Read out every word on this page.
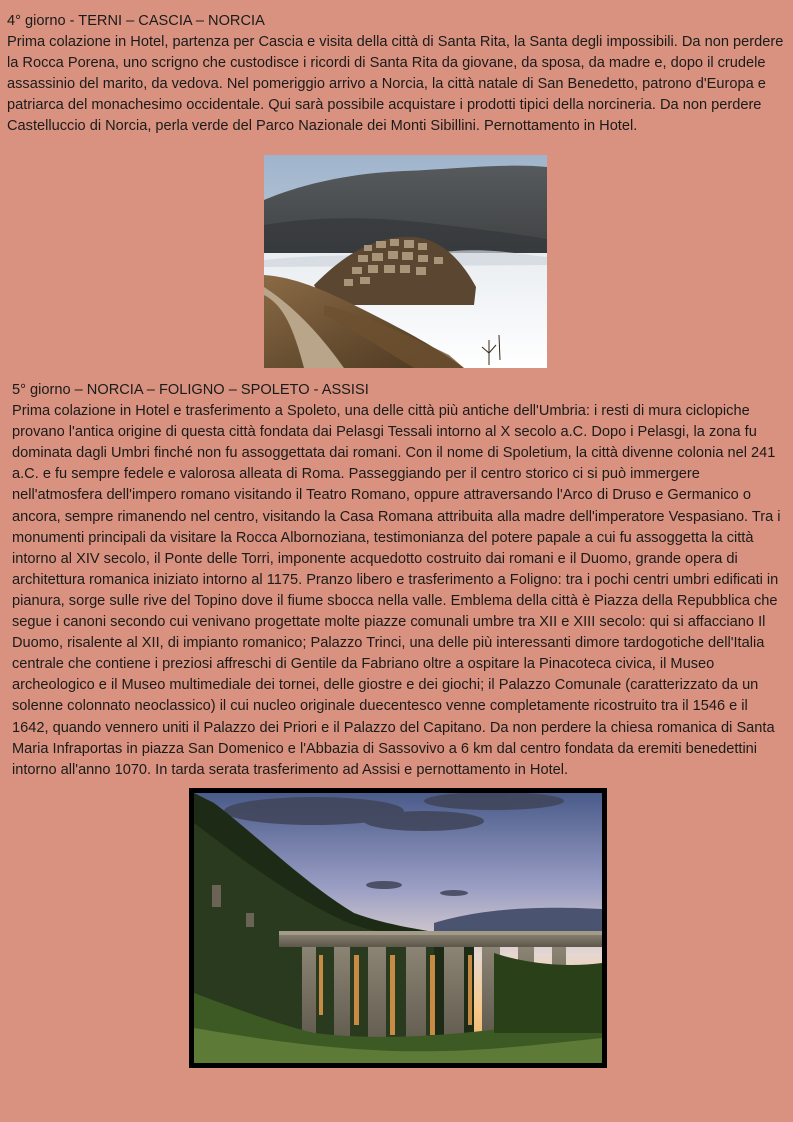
4° giorno - TERNI – CASCIA – NORCIA

Prima colazione in Hotel, partenza per Cascia e visita della città di Santa Rita, la Santa degli impossibili. Da non perdere la Rocca Porena, uno scrigno che custodisce i ricordi di Santa Rita da giovane, da sposa, da madre e, dopo il crudele assassinio del marito, da vedova. Nel pomeriggio arrivo a Norcia, la città natale di San Benedetto, patrono d'Europa e patriarca del monachesimo occidentale. Qui sarà possibile acquistare i prodotti tipici della norcineria. Da non perdere Castelluccio di Norcia, perla verde del Parco Nazionale dei Monti Sibillini. Pernottamento in Hotel.

5° giorno – NORCIA – FOLIGNO – SPOLETO - ASSISI

Prima colazione in Hotel e trasferimento a Spoleto, una delle città più antiche dell'Umbria: i resti di mura ciclopiche provano l'antica origine di questa città fondata dai Pelasgi Tessali intorno al X secolo a.C. Dopo i Pelasgi, la zona fu dominata dagli Umbri finché non fu assoggettata dai romani. Con il nome di Spoletium, la città divenne colonia nel 241 a.C. e fu sempre fedele e valorosa alleata di Roma. Passeggiando per il centro storico ci si può immergere nell'atmosfera dell'impero romano visitando il Teatro Romano, oppure attraversando l'Arco di Druso e Germanico o ancora, sempre rimanendo nel centro, visitando la Casa Romana attribuita alla madre dell'imperatore Vespasiano. Tra i monumenti principali da visitare la Rocca Albornoziana, testimonianza del potere papale a cui fu assoggetta la città intorno al XIV secolo, il Ponte delle Torri, imponente acquedotto costruito dai romani e il Duomo, grande opera di architettura romanica iniziato intorno al 1175. Pranzo libero e trasferimento a Foligno: tra i pochi centri umbri edificati in pianura, sorge sulle rive del Topino dove il fiume sbocca nella valle. Emblema della città è Piazza della Repubblica che segue i canoni secondo cui venivano progettate molte piazze comunali umbre tra XII e XIII secolo: qui si affacciano Il Duomo, risalente al XII, di impianto romanico; Palazzo Trinci, una delle più interessanti dimore tardogotiche dell'Italia centrale che contiene i preziosi affreschi di Gentile da Fabriano oltre a ospitare la Pinacoteca civica, il Museo archeologico e il Museo multimediale dei tornei, delle giostre e dei giochi; il Palazzo Comunale (caratterizzato da un solenne colonnato neoclassico) il cui nucleo originale duecentesco venne completamente ricostruito tra il 1546 e il 1642, quando vennero uniti il Palazzo dei Priori e il Palazzo del Capitano. Da non perdere la chiesa romanica di Santa Maria Infraportas in piazza San Domenico e l'Abbazia di Sassovivo a 6 km dal centro fondata da eremiti benedettini intorno all'anno 1070. In tarda serata trasferimento ad Assisi e pernottamento in Hotel.
